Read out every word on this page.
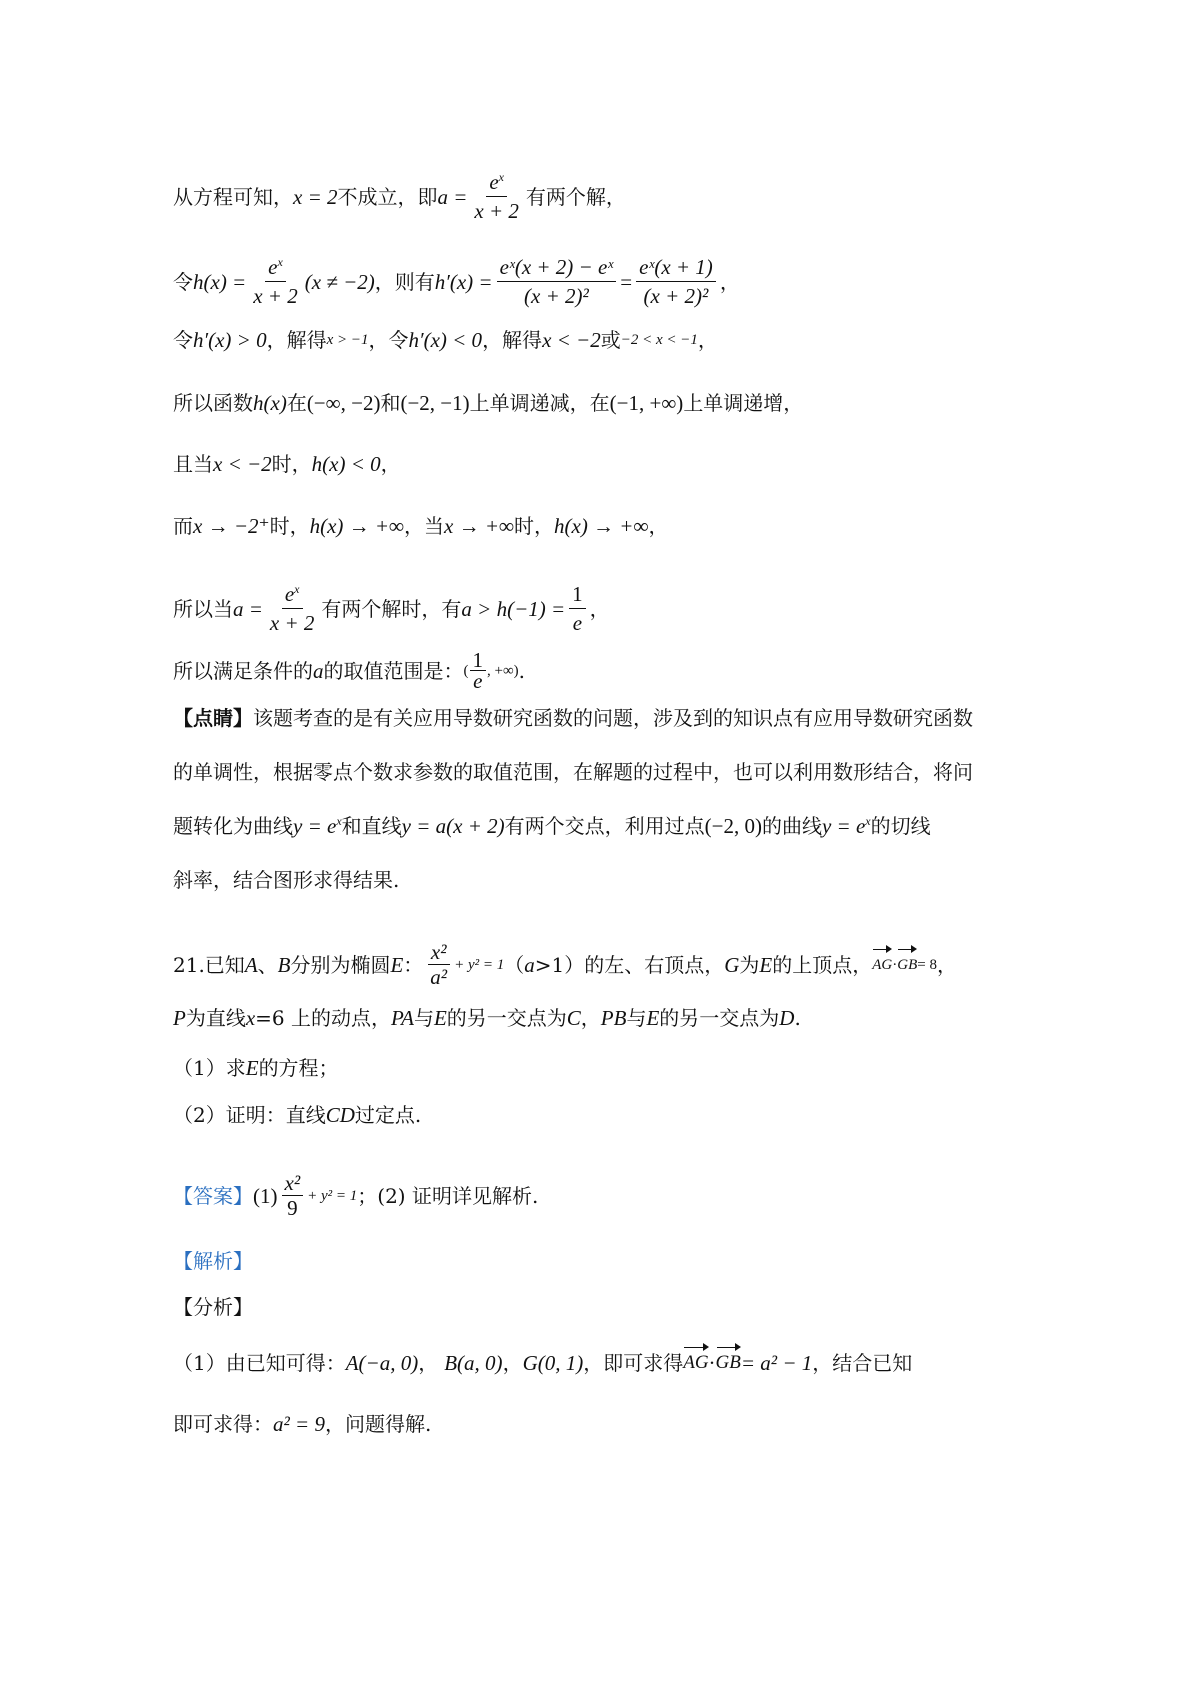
从方程可知， x = 2 不成立，即 $a = \frac{e^x}{x + 2}$ 有两个解，
令 $h(x) = \frac{e^x}{x + 2} (x \ne -2)$ ，则有 $h'(x) = \frac{\text{eˣ(x + 2) − eˣ}}{\text{(x + 2)²}} = \frac{\text{eˣ(x + 1)}}{\text{(x + 2)²}}$ ，
令 h′(x) > 0 ，解得 x > −1 ，令 h′(x) < 0 ，解得 x < −2 或 −2 < x < −1 ，
所以函数 h(x) 在 (−∞, −2) 和 (−2, −1) 上单调递减，在 (−1, +∞) 上单调递增，
且当 x < −2 时， h(x) < 0 ，
而 x → −2⁺ 时， h(x) → +∞ ，当 x → +∞ 时， h(x) → +∞ ，
所以当 $a = \frac{e^x}{x + 2}$ 有两个解时，有 $a > h(-1) = \frac{1}{e}$ ，
所以满足条件的 a 的取值范围是： ( $\frac{1}{e}$ , +∞) .
【点睛】 该题考查的是有关应用导数研究函数的问题，涉及到的知识点有应用导数研究函数
的单调性，根据零点个数求参数的取值范围，在解题的过程中，也可以利用数形结合，将问
题转化为曲线 $y = e^x$ 和直线 y = a(x + 2) 有两个交点，利用过点 (−2, 0) 的曲线 $y = e^x$ 的切线
斜率，结合图形求得结果.
21.已知 A 、 B 分别为椭圆 E ： $\frac{\text{x²}}{\text{a²}} + y^2 = 1$ （ a >1）的左、右顶点， G 为 E 的上顶点， AG · GB = 8 ，
P 为直线 x =6 上的动点， PA 与 E 的另一交点为 C ， PB 与 E 的另一交点为 D .
（1）求 E 的方程；
（2）证明：直线 CD 过定点.
【答案】 $(1) \frac{\text{x²}}{9} + y^2 = 1$ ；(2) 证明详见解析.
【解析】
【分析】
（1）由已知可得： A(−a, 0) ， B(a, 0) ， G(0, 1) ，即可求得 AG · GB = a² − 1 ，结合已知
即可求得： a² = 9 ，问题得解.
